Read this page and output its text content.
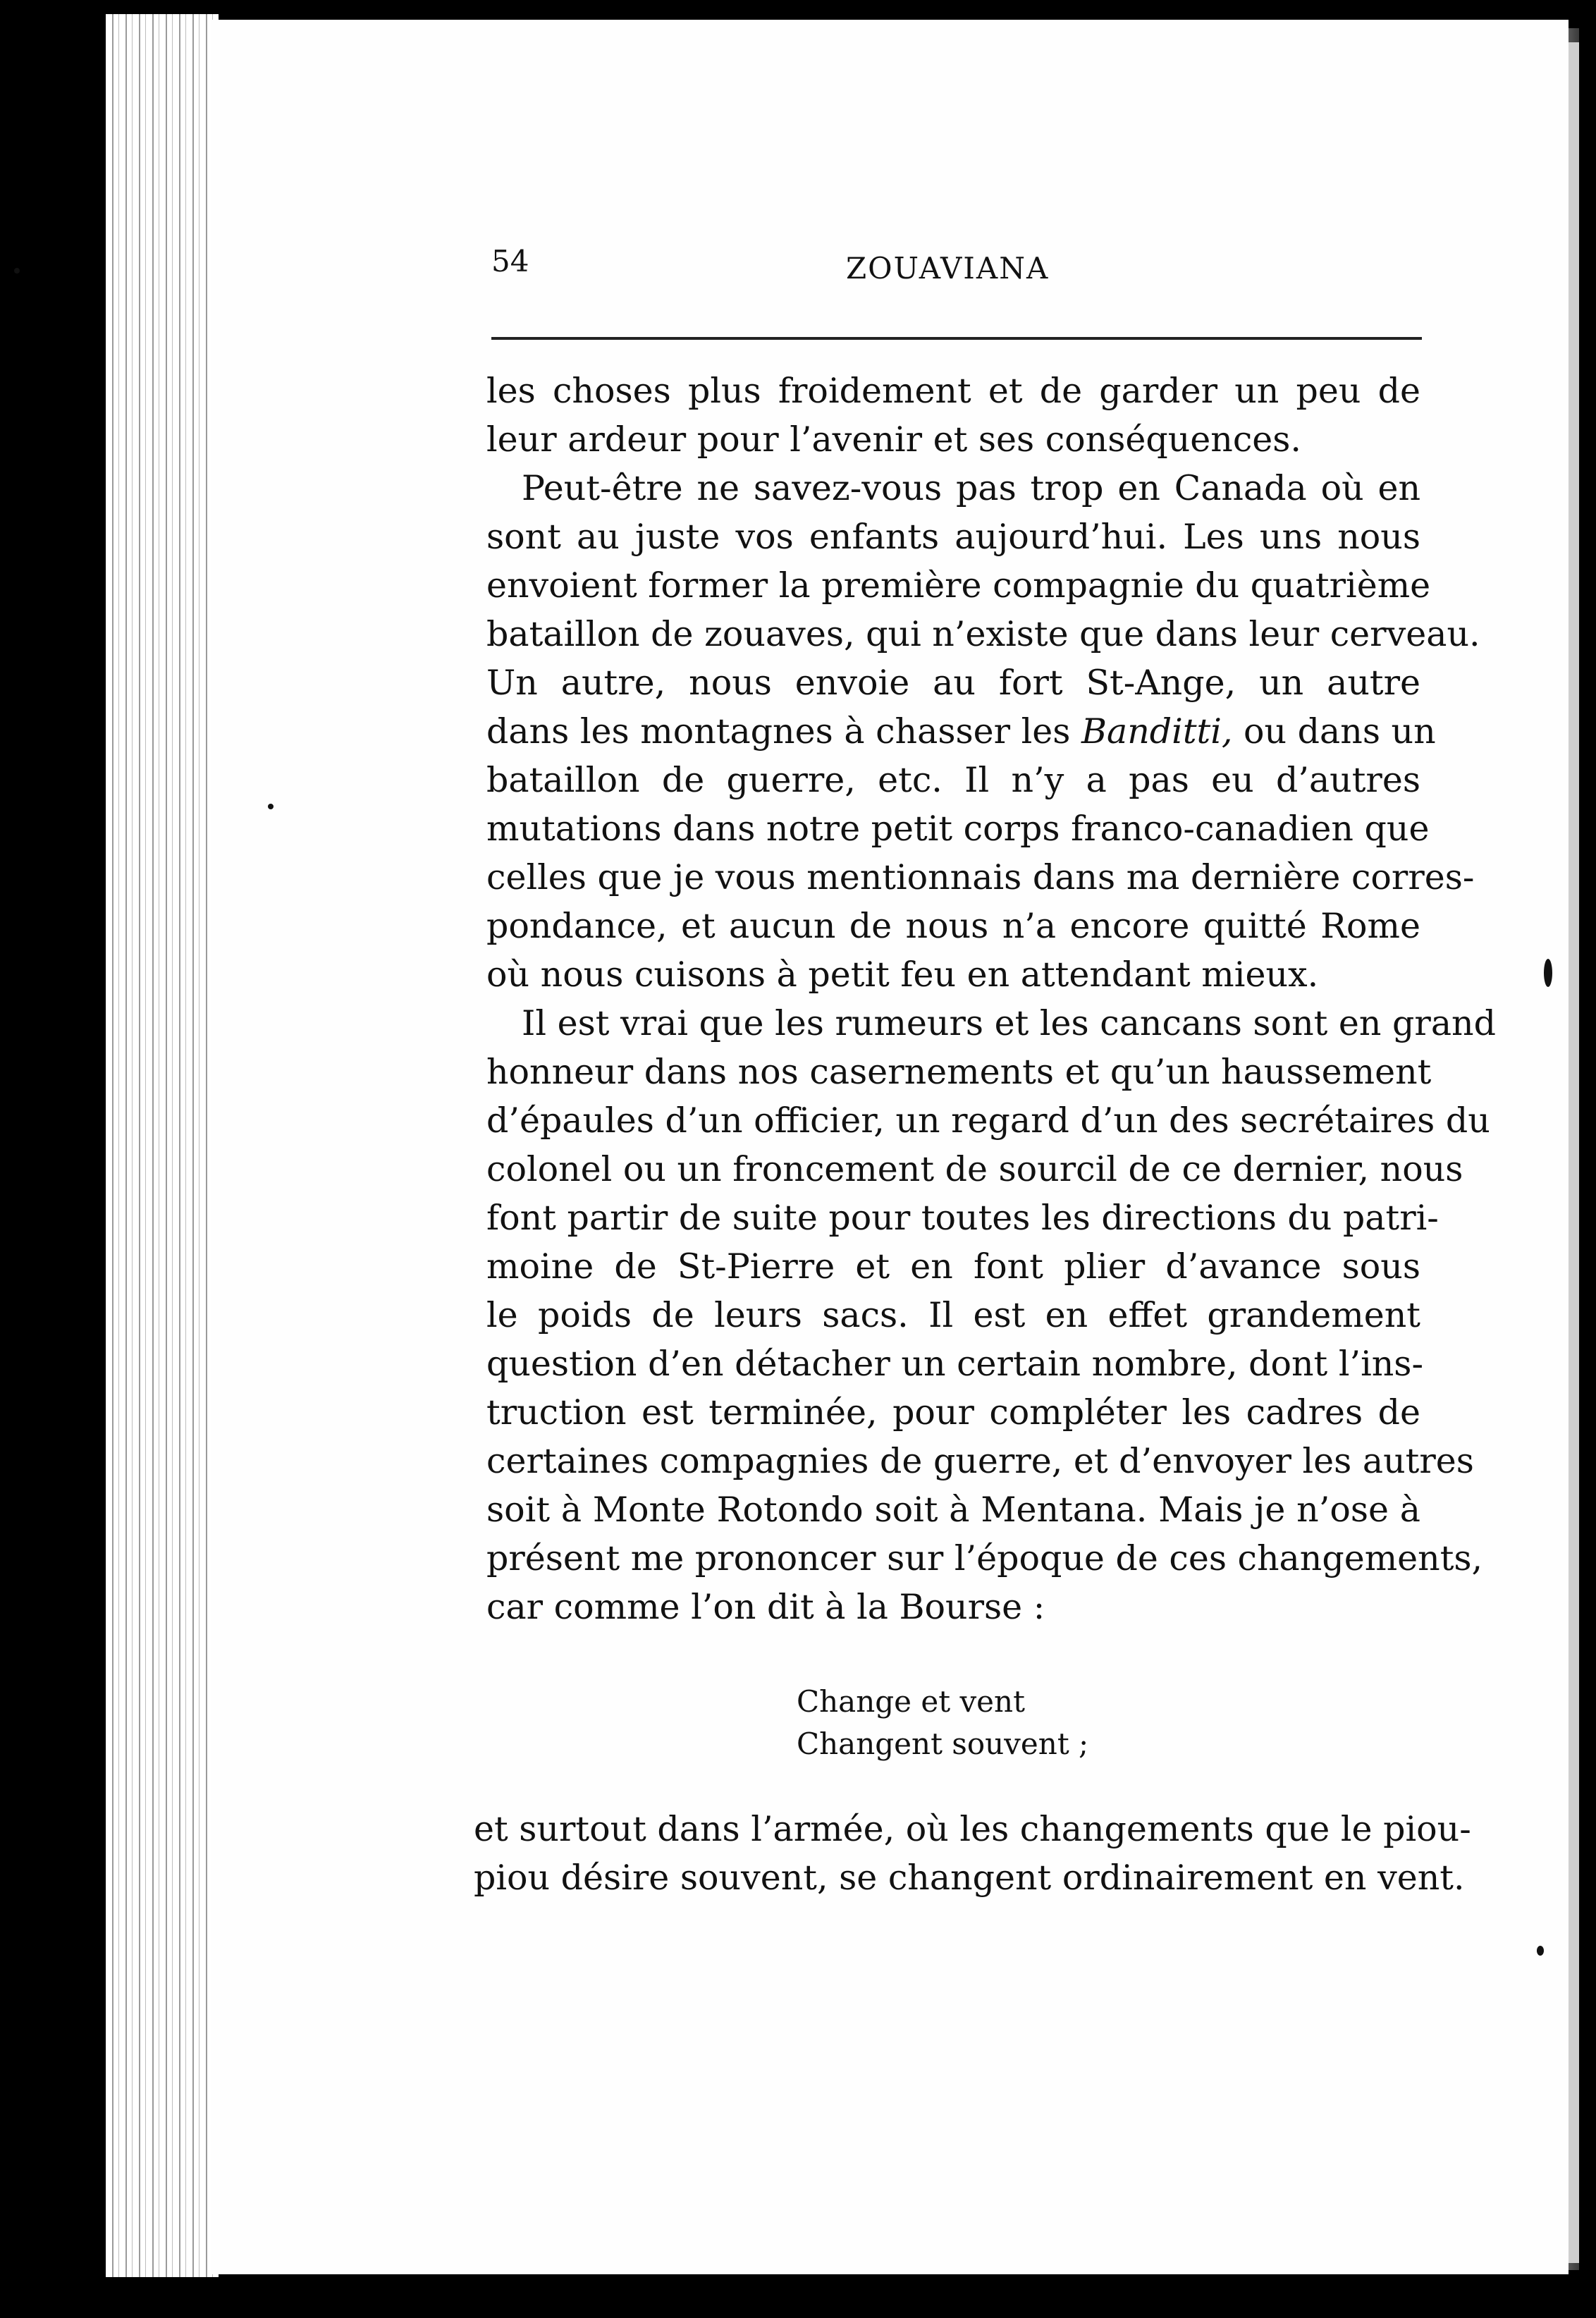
54	ZOUAVIANA
les choses plus froidement et de garder un peu de
leur ardeur pour l’avenir et ses conséquences.
Peut-être ne savez-vous pas trop en Canada où en
sont au juste vos enfants aujourd’hui. Les uns nous
envoient former la première compagnie du quatrième
bataillon de zouaves, qui n’existe que dans leur cerveau.
Un autre, nous envoie au fort St-Ange, un autre
dans les montagnes à chasser les Banditti, ou dans un
bataillon de guerre, etc. Il n’y a pas eu d’autres
mutations dans notre petit corps franco-canadien que
celles que je vous mentionnais dans ma dernière corres-
pondance, et aucun de nous n’a encore quitté Rome
où nous cuisons à petit feu en attendant mieux.
Il est vrai que les rumeurs et les cancans sont en grand
honneur dans nos casernements et qu’un haussement
d’épaules d’un officier, un regard d’un des secrétaires du
colonel ou un froncement de sourcil de ce dernier, nous
font partir de suite pour toutes les directions du patri-
moine de St-Pierre et en font plier d’avance sous
le poids de leurs sacs. Il est en effet grandement
question d’en détacher un certain nombre, dont l’ins-
truction est terminée, pour compléter les cadres de
certaines compagnies de guerre, et d’envoyer les autres
soit à Monte Rotondo soit à Mentana. Mais je n’ose à
présent me prononcer sur l’époque de ces changements,
car comme l’on dit à la Bourse :
Change et vent
Changent souvent ;
et surtout dans l’armée, où les changements que le piou-
piou désire souvent, se changent ordinairement en vent.
